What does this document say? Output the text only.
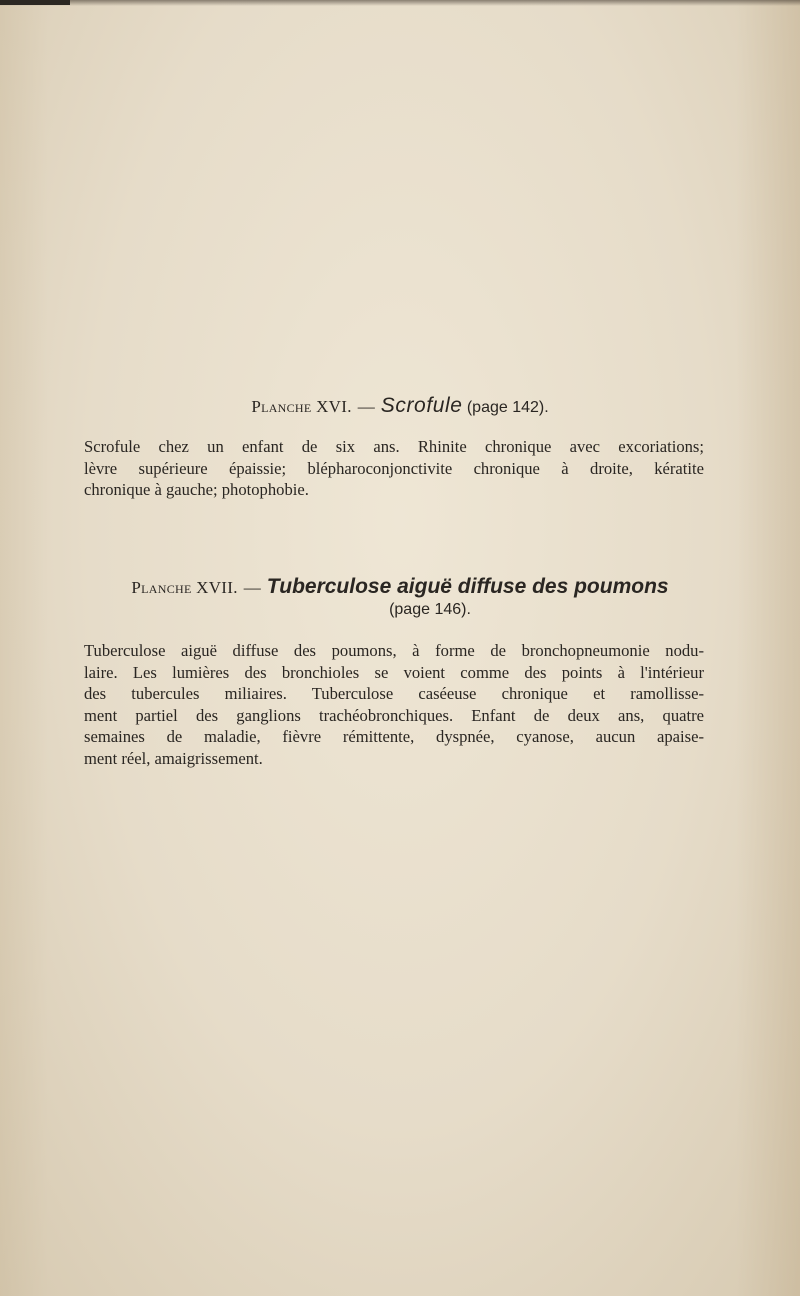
Planche XVI. — Scrofule (page 142).

Scrofule chez un enfant de six ans. Rhinite chronique avec excoriations;
lèvre supérieure épaissie; blépharoconjonctivite chronique à droite, kératite
chronique à gauche; photophobie.

Planche XVII. — Tuberculose aiguë diffuse des poumons
(page 146).

Tuberculose aiguë diffuse des poumons, à forme de bronchopneumonie nodu-
laire. Les lumières des bronchioles se voient comme des points à l'intérieur
des tubercules miliaires. Tuberculose caséeuse chronique et ramollisse-
ment partiel des ganglions trachéobronchiques. Enfant de deux ans, quatre
semaines de maladie, fièvre rémittente, dyspnée, cyanose, aucun apaise-
ment réel, amaigrissement.
